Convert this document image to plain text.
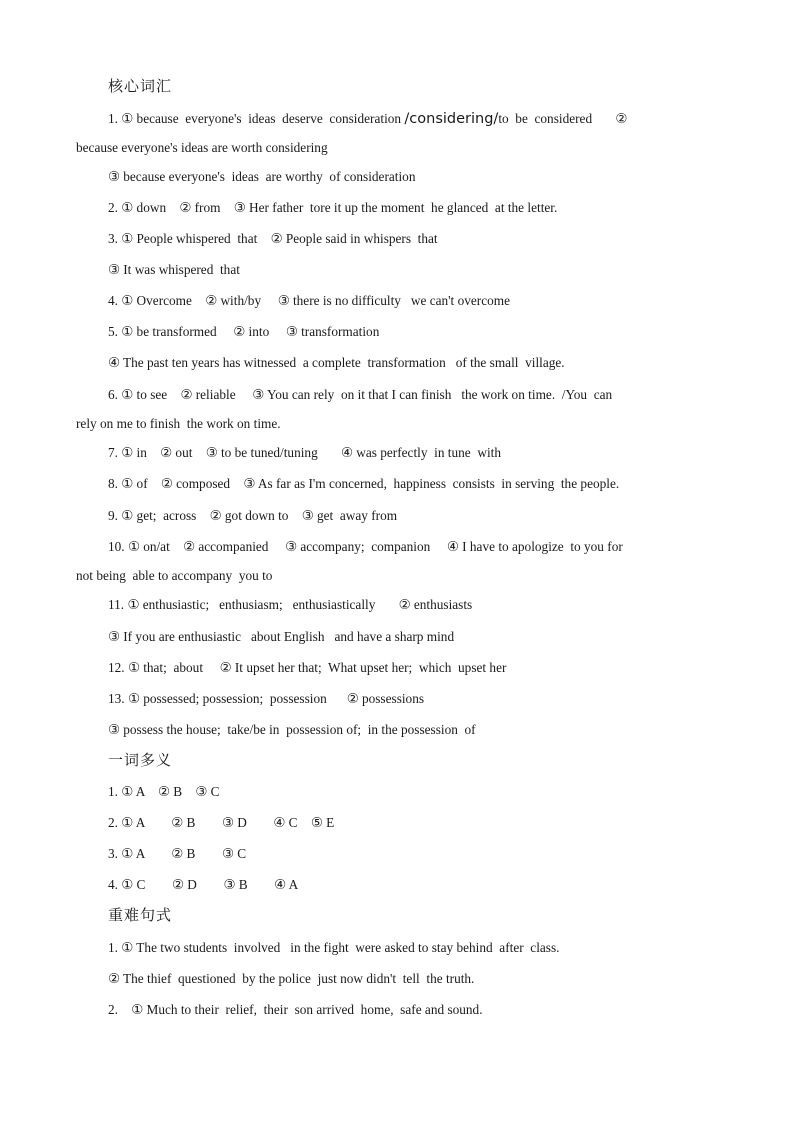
核心词汇
1. ① because  everyone's  ideas  deserve  consideration /considering/to  be  considered       ②
because everyone's ideas are worth considering
③ because everyone's  ideas  are worthy  of consideration
2. ① down    ② from    ③ Her father  tore it up the moment  he glanced  at the letter.
3. ① People whispered  that    ② People said in whispers  that
③ It was whispered  that
4. ① Overcome    ② with/by     ③ there is no difficulty   we can't overcome
5. ① be transformed     ② into     ③ transformation
④ The past ten years has witnessed  a complete  transformation   of the small  village.
6. ① to see    ② reliable     ③ You can rely  on it that I can finish   the work on time.  /You  can
rely on me to finish  the work on time.
7. ① in    ② out    ③ to be tuned/tuning       ④ was perfectly  in tune  with
8. ① of    ② composed    ③ As far as I'm concerned,  happiness  consists  in serving  the people.
9. ① get;  across    ② got down to    ③ get  away from
10. ① on/at    ② accompanied     ③ accompany;  companion     ④ I have to apologize  to you for
not being  able to accompany  you to
11. ① enthusiastic;   enthusiasm;   enthusiastically       ② enthusiasts
③ If you are enthusiastic   about English   and have a sharp mind
12. ① that;  about     ② It upset her that;  What upset her;  which  upset her
13. ① possessed; possession;  possession      ② possessions
③ possess the house;  take/be in  possession of;  in the possession  of
一词多义
1. ① A    ② B    ③ C
2. ① A        ② B        ③ D        ④ C    ⑤ E
3. ① A        ② B        ③ C
4. ① C        ② D        ③ B        ④ A
重难句式
1. ① The two students  involved   in the fight  were asked to stay behind  after  class.
② The thief  questioned  by the police  just now didn't  tell  the truth.
2.    ① Much to their  relief,  their  son arrived  home,  safe and sound.
